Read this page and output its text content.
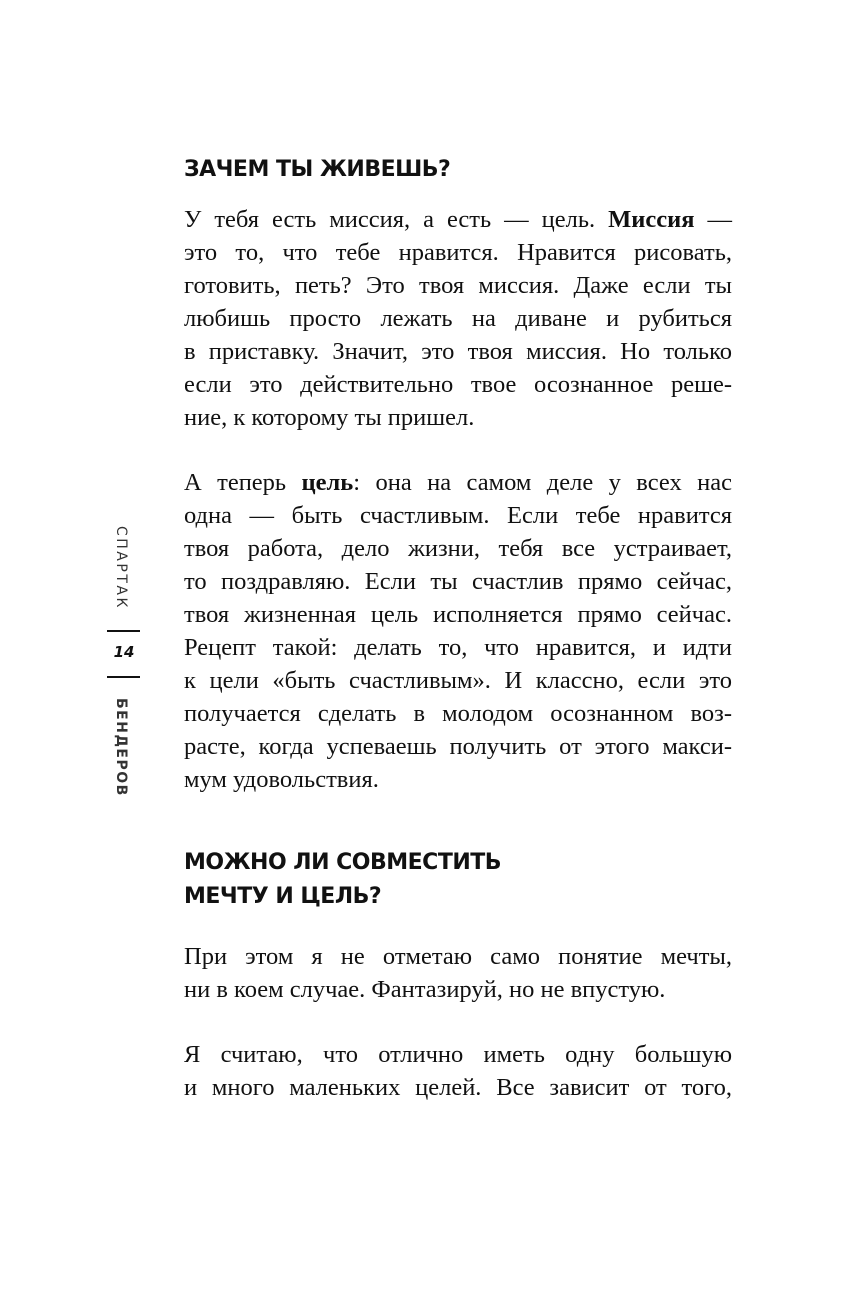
ЗАЧЕМ ТЫ ЖИВЕШЬ?

У тебя есть миссия, а есть — цель. Миссия —
это то, что тебе нравится. Нравится рисовать,
готовить, петь? Это твоя миссия. Даже если ты
любишь просто лежать на диване и рубиться
в приставку. Значит, это твоя миссия. Но только
если это действительно твое осознанное реше-
ние, к которому ты пришел.

А теперь цель: она на самом деле у всех нас
одна — быть счастливым. Если тебе нравится
твоя работа, дело жизни, тебя все устраивает,
то поздравляю. Если ты счастлив прямо сейчас,
твоя жизненная цель исполняется прямо сейчас.
Рецепт такой: делать то, что нравится, и идти
к цели «быть счастливым». И классно, если это
получается сделать в молодом осознанном воз-
расте, когда успеваешь получить от этого макси-
мум удовольствия.

МОЖНО ЛИ СОВМЕСТИТЬ
МЕЧТУ И ЦЕЛЬ?

При этом я не отметаю само понятие мечты,
ни в коем случае. Фантазируй, но не впустую.

Я считаю, что отлично иметь одну большую
и много маленьких целей. Все зависит от того,

СПАРТАК
14
БЕНДЕРОВ
